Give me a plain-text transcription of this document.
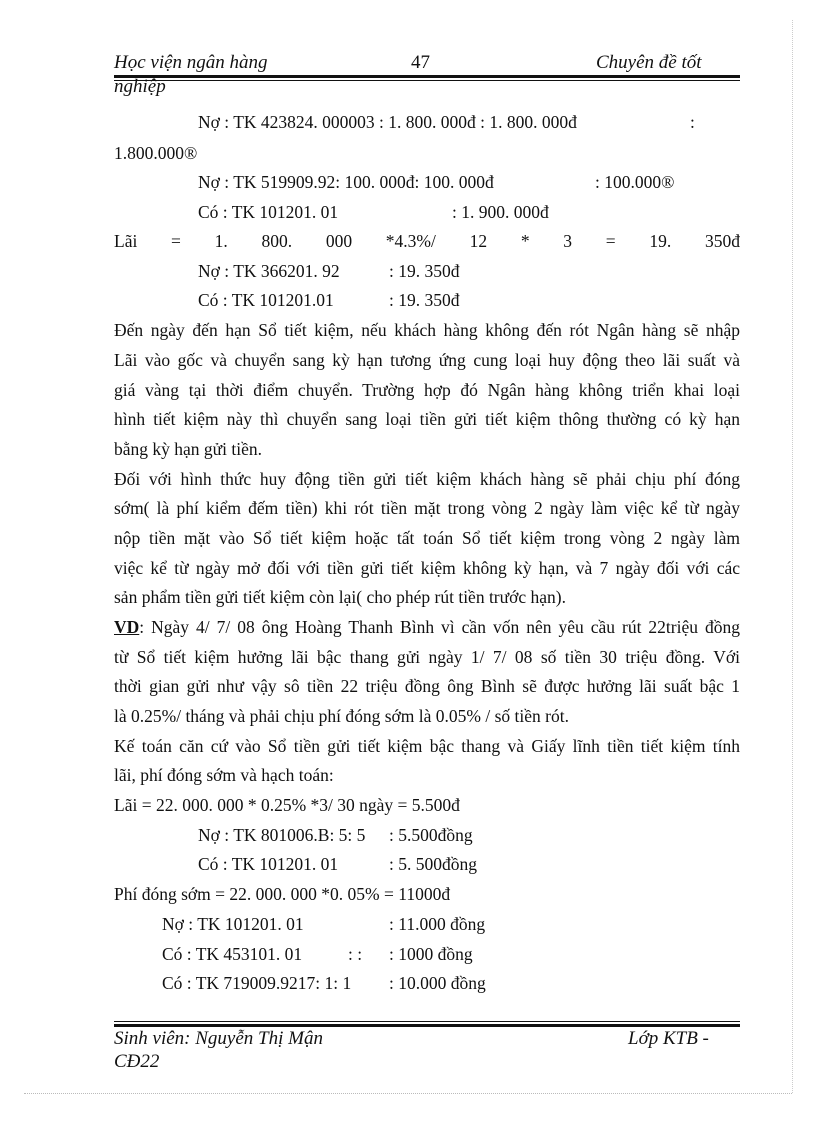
Học viện ngân hàng	47	Chuyên đề tốt
nghiệp
Nợ : TK 423824. 000003 : 1. 800. 000đ : 1. 800. 000đ	:
1.800.000®
Nợ : TK 519909.92: 100. 000đ: 100. 000đ	: 100.000®
Có : TK 101201. 01	: 1. 900. 000đ
Lãi = 1. 800. 000 *4.3%/ 12 * 3 = 19. 350đ
Nợ : TK 366201. 92	: 19. 350đ
Có : TK 101201.01	: 19. 350đ
Đến ngày đến hạn Sổ tiết kiệm, nếu khách hàng không đến rót Ngân hàng sẽ nhập
Lãi vào gốc và chuyển sang kỳ hạn tương ứng cung loại huy động theo lãi suất và
giá vàng tại thời điểm chuyển. Trường hợp đó Ngân hàng không triển khai loại
hình tiết kiệm này thì chuyển sang loại tiền gửi tiết kiệm thông thường có kỳ hạn
bằng kỳ hạn gửi tiền.
Đối với hình thức huy động tiền gửi tiết kiệm khách hàng sẽ phải chịu phí đóng
sớm( là phí kiểm đếm tiền) khi rót tiền mặt trong vòng 2 ngày làm việc kể từ ngày
nộp tiền mặt vào Sổ tiết kiệm hoặc tất toán Sổ tiết kiệm trong vòng 2 ngày làm
việc kể từ ngày mở đối với tiền gửi tiết kiệm không kỳ hạn, và 7 ngày đối với các
sản phẩm tiền gửi tiết kiệm còn lại( cho phép rút tiền trước hạn).
VD: Ngày 4/ 7/ 08 ông Hoàng Thanh Bình vì cần vốn nên yêu cầu rút 22triệu đồng
từ Sổ tiết kiệm hưởng lãi bậc thang gửi ngày 1/ 7/ 08 số tiền 30 triệu đồng. Với
thời gian gửi như vậy sô tiền 22 triệu đồng ông Bình sẽ được hưởng lãi suất bậc 1
là 0.25%/ tháng và phải chịu phí đóng sớm là 0.05% / số tiền rót.
Kế toán căn cứ vào Sổ tiền gửi tiết kiệm bậc thang và Giấy lĩnh tiền tiết kiệm tính
lãi, phí đóng sớm và hạch toán:
Lãi = 22. 000. 000 * 0.25% *3/ 30 ngày = 5.500đ
Nợ : TK 801006.B: 5: 5 : 5.500đồng
Có : TK 101201. 01	: 5. 500đồng
Phí đóng sớm = 22. 000. 000 *0. 05% = 11000đ
Nợ : TK 101201. 01	: 11.000 đồng
Có : TK 453101. 01	: : : 1000 đồng
Có : TK 719009.9217: 1: 1 : 10.000 đồng
Sinh viên: Nguyễn Thị Mận	Lớp KTB -
CĐ22
